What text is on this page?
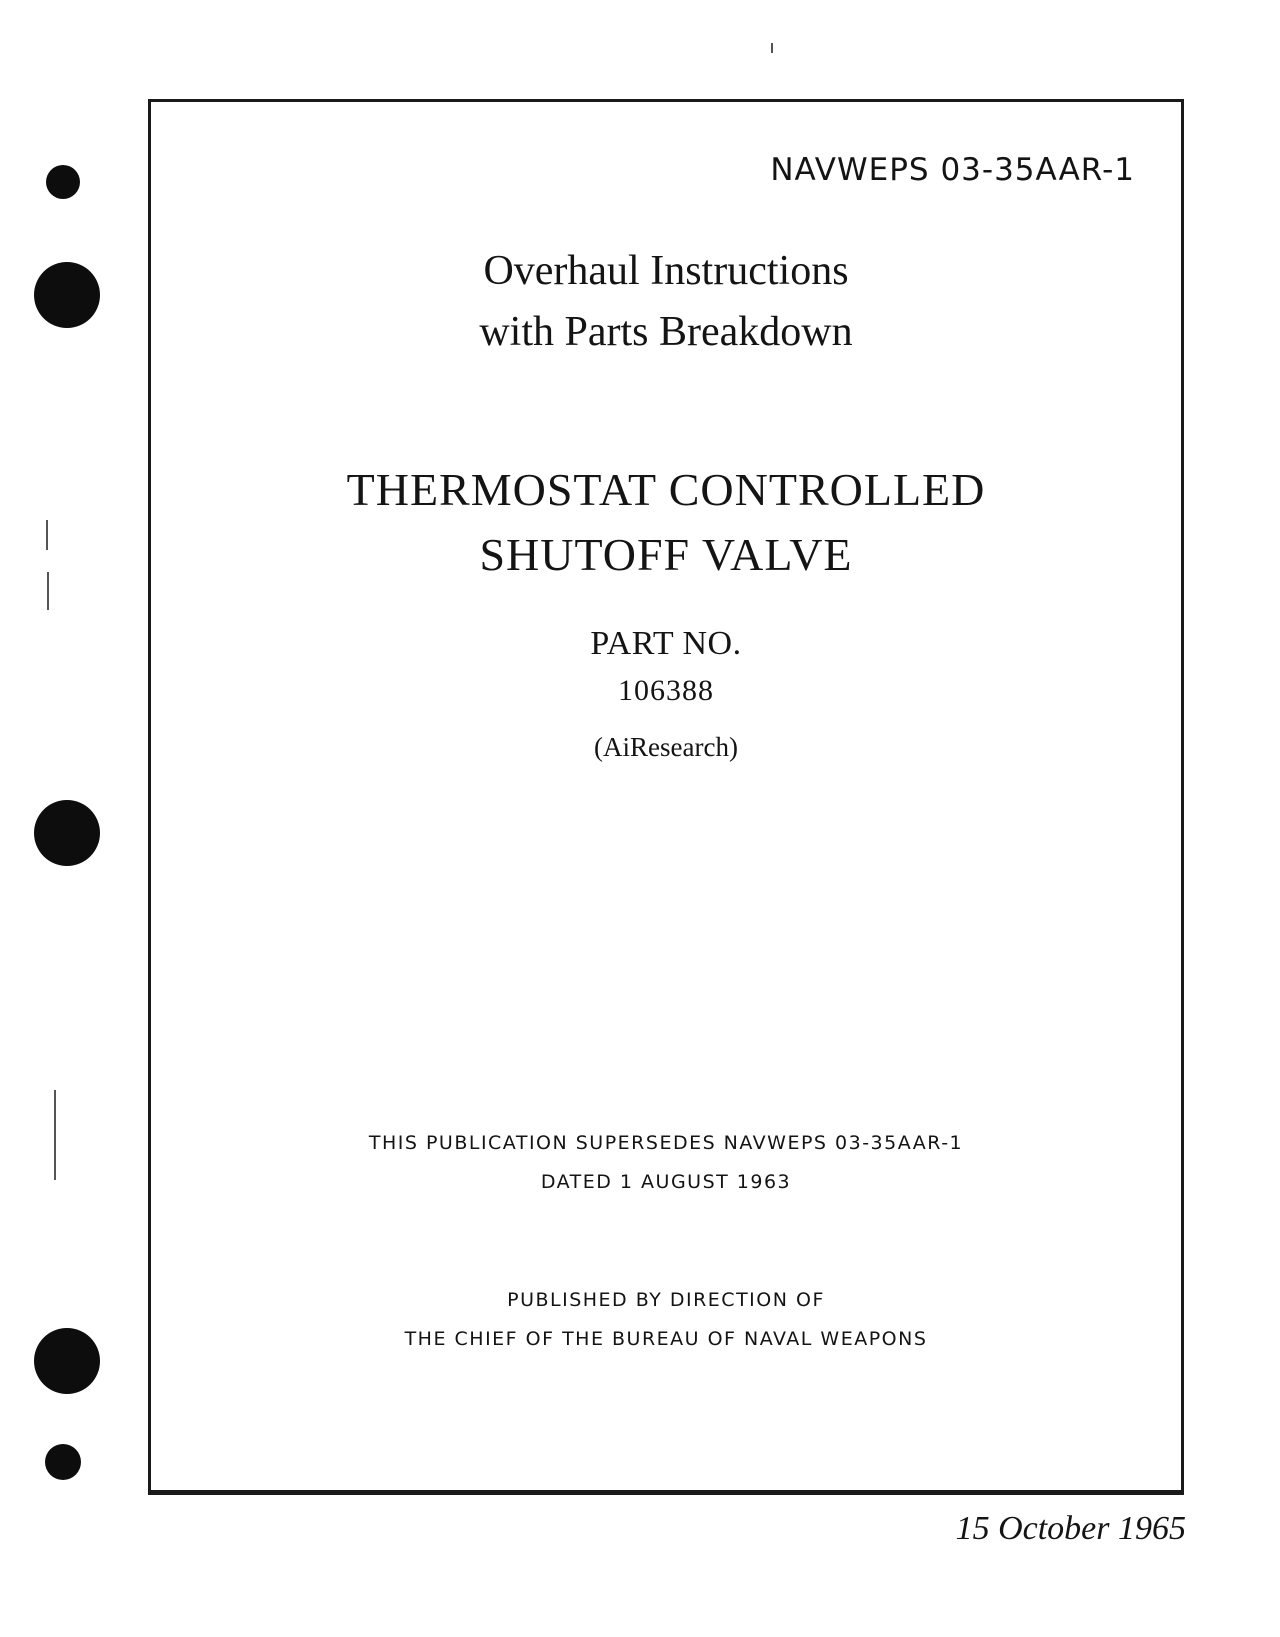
NAVWEPS 03-35AAR-1
Overhaul Instructions
with Parts Breakdown
THERMOSTAT CONTROLLED
SHUTOFF VALVE
PART NO.
106388
(AiResearch)
THIS PUBLICATION SUPERSEDES NAVWEPS 03-35AAR-1
DATED 1 AUGUST 1963
PUBLISHED BY DIRECTION OF
THE CHIEF OF THE BUREAU OF NAVAL WEAPONS
15 October 1965
